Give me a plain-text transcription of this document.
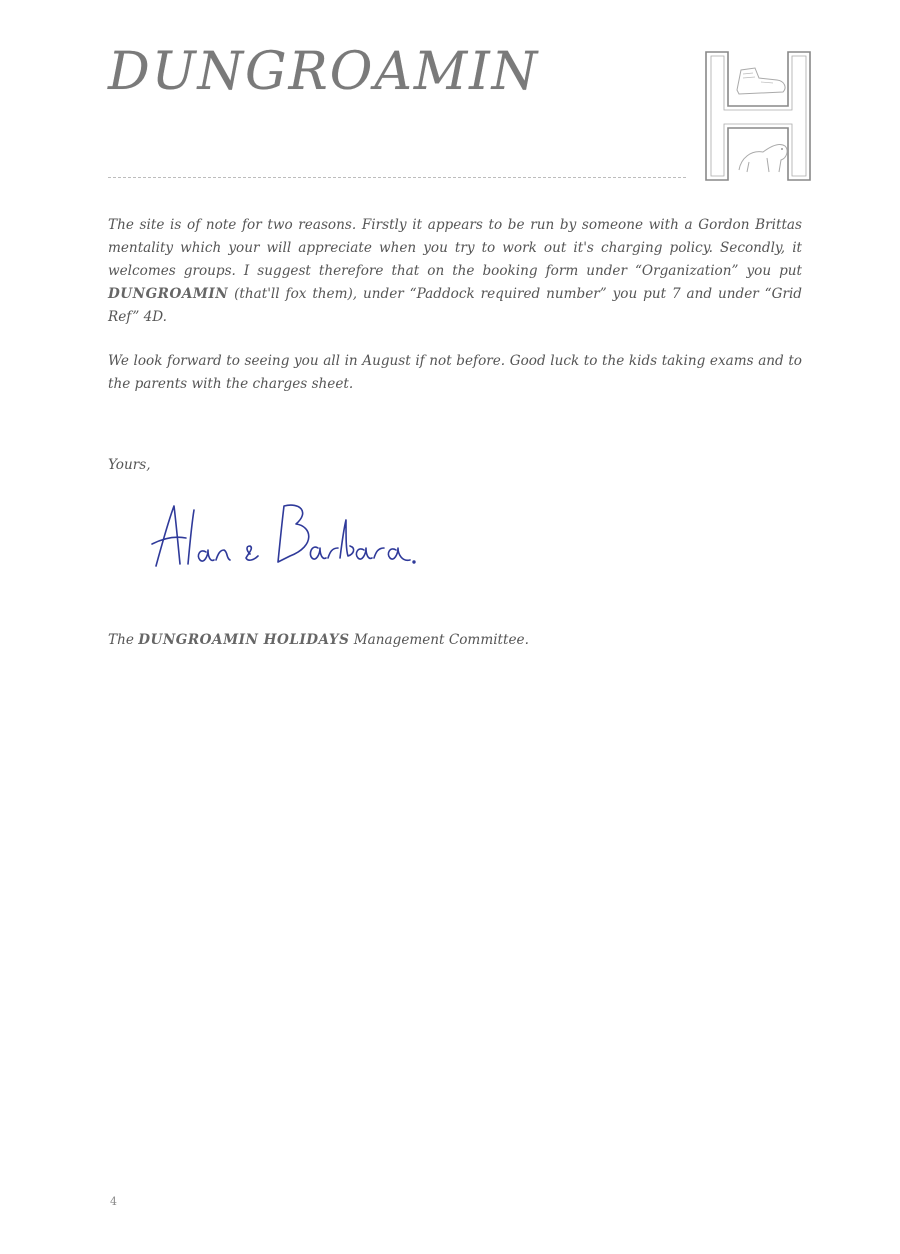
DUNGROAMIN

The site is of note for two reasons. Firstly it appears to be run by someone with a Gordon Brittas mentality which your will appreciate when you try to work out it's charging policy. Secondly, it welcomes groups. I suggest therefore that on the booking form under “Organization” you put DUNGROAMIN (that'll fox them), under “Paddock required number” you put 7 and under “Grid Ref” 4D.

We look forward to seeing you all in August if not before. Good luck to the kids taking exams and to the parents with the charges sheet.

Yours,
The DUNGROAMIN HOLIDAYS Management Committee.
4
